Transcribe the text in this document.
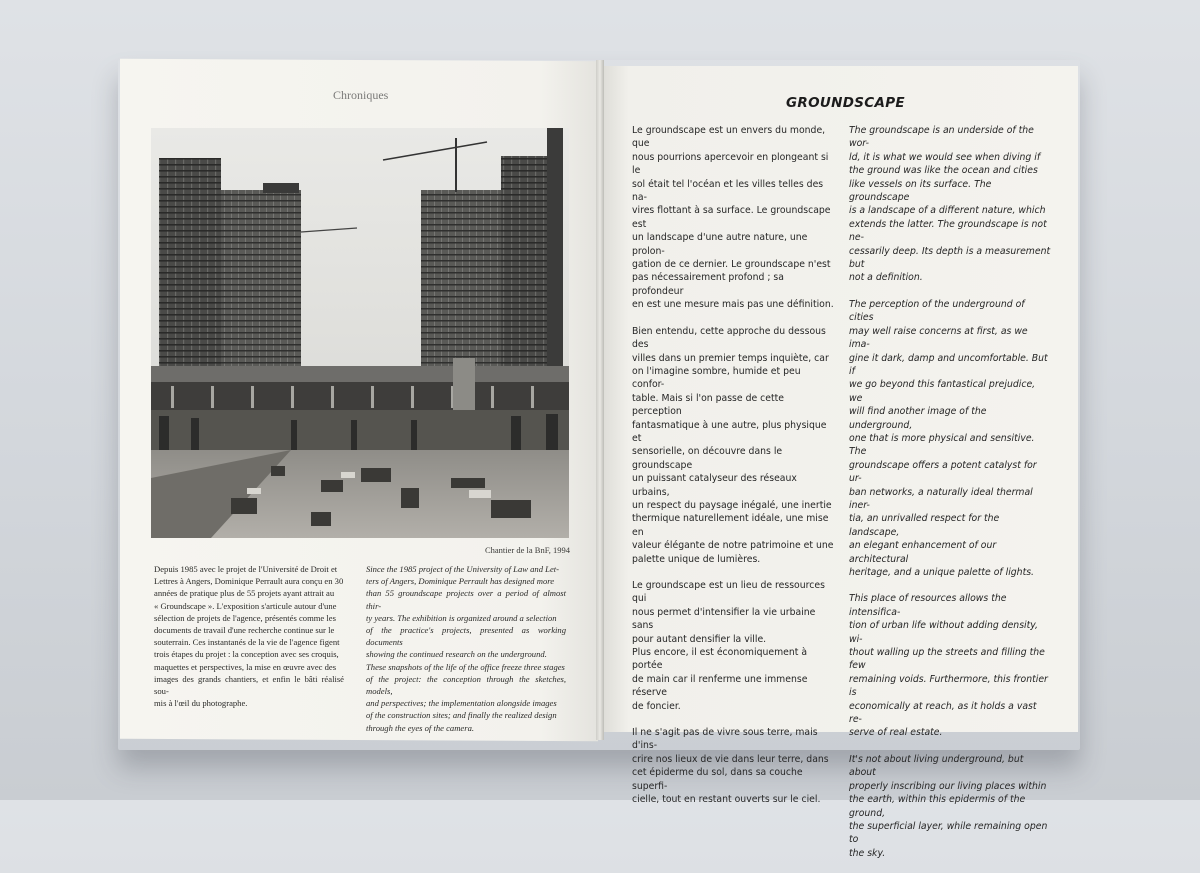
Chroniques
Chantier de la BnF, 1994

Depuis 1985 avec le projet de l'Université de Droit et
Lettres à Angers, Dominique Perrault aura conçu en 30
années de pratique plus de 55 projets ayant attrait au
« Groundscape ». L'exposition s'articule autour d'une
sélection de projets de l'agence, présentés comme les
documents de travail d'une recherche continue sur le
souterrain. Ces instantanés de la vie de l'agence figent
trois étapes du projet : la conception avec ses croquis,
maquettes et perspectives, la mise en œuvre avec des
images des grands chantiers, et enfin le bâti réalisé sou-
mis à l'œil du photographe.

Since the 1985 project of the University of Law and Let-
ters of Angers, Dominique Perrault has designed more
than 55 groundscape projects over a period of almost thir-
ty years. The exhibition is organized around a selection
of the practice's projects, presented as working documents
showing the continued research on the underground.
These snapshots of the life of the office freeze three stages
of the project: the conception through the sketches, models,
and perspectives; the implementation alongside images
of the construction sites; and finally the realized design
through the eyes of the camera.

GROUNDSCAPE

Le groundscape est un envers du monde, que
nous pourrions apercevoir en plongeant si le
sol était tel l'océan et les villes telles des na-
vires flottant à sa surface. Le groundscape est
un landscape d'une autre nature, une prolon-
gation de ce dernier. Le groundscape n'est
pas nécessairement profond ; sa profondeur
en est une mesure mais pas une définition.

Bien entendu, cette approche du dessous des
villes dans un premier temps inquiète, car
on l'imagine sombre, humide et peu confor-
table. Mais si l'on passe de cette perception
fantasmatique à une autre, plus physique et
sensorielle, on découvre dans le groundscape
un puissant catalyseur des réseaux urbains,
un respect du paysage inégalé, une inertie
thermique naturellement idéale, une mise en
valeur élégante de notre patrimoine et une
palette unique de lumières.

Le groundscape est un lieu de ressources qui
nous permet d'intensifier la vie urbaine sans
pour autant densifier la ville.
Plus encore, il est économiquement à portée
de main car il renferme une immense réserve
de foncier.

Il ne s'agit pas de vivre sous terre, mais d'ins-
crire nos lieux de vie dans leur terre, dans
cet épiderme du sol, dans sa couche superfi-
cielle, tout en restant ouverts sur le ciel.

The groundscape is an underside of the wor-
ld, it is what we would see when diving if
the ground was like the ocean and cities
like vessels on its surface. The groundscape
is a landscape of a different nature, which
extends the latter. The groundscape is not ne-
cessarily deep. Its depth is a measurement but
not a definition.

The perception of the underground of cities
may well raise concerns at first, as we ima-
gine it dark, damp and uncomfortable. But if
we go beyond this fantastical prejudice, we
will find another image of the underground,
one that is more physical and sensitive. The
groundscape offers a potent catalyst for ur-
ban networks, a naturally ideal thermal iner-
tia, an unrivalled respect for the landscape,
an elegant enhancement of our architectural
heritage, and a unique palette of lights.

This place of resources allows the intensifica-
tion of urban life without adding density, wi-
thout walling up the streets and filling the few
remaining voids. Furthermore, this frontier is
economically at reach, as it holds a vast re-
serve of real estate.

It's not about living underground, but about
properly inscribing our living places within
the earth, within this epidermis of the ground,
the superficial layer, while remaining open to
the sky.
